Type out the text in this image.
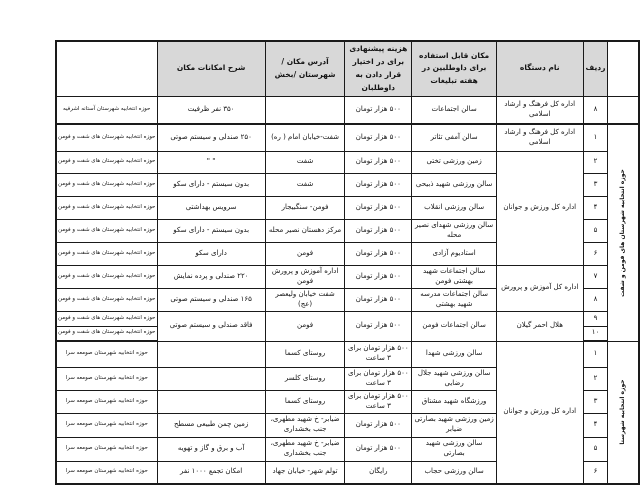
	ردیف	نام دستگاه	مکان قابل استفاده برای داوطلبین در هفته تبلیغات	هزینه پیشنهادی برای در اختیار قرار دادن به داوطلبان	آدرس مکان /شهرستان /بخش	شرح امکانات مکان	
	۸	اداره کل فرهنگ و ارشاد اسلامی	سالن اجتماعات	۵۰۰ هزار تومان		۳۵۰ نفر ظرفیت	حوزه انتخابیه شهرستان آستانه اشرفیه

حوزه انتخابیه شهرستان های فومن و شفت	۱	اداره کل فرهنگ و ارشاد اسلامی	سالن آمفی تئاتر	۵۰۰ هزار تومان	شفت-خیابان امام ( ره)	۲۵۰ صندلی و سیستم صوتی	حوزه انتخابیه شهرستان های شفت و فومن
	۲	اداره کل ورزش و جوانان	زمین ورزشی تختی	۵۰۰ هزار تومان	شفت	" "	حوزه انتخابیه شهرستان های شفت و فومن
	۳		سالن ورزشی شهید ذبیحی	۵۰۰ هزار تومان	شفت	بدون سیستم - دارای سکو	حوزه انتخابیه شهرستان های شفت و فومن
	۴		سالن ورزشی انقلاب	۵۰۰ هزار تومان	فومن- سنگبیجار	سرویس بهداشتی	حوزه انتخابیه شهرستان های شفت و فومن
	۵		سالن ورزشی شهدای نصیر محله	۵۰۰ هزار تومان	مرکز دهستان نصیر محله	بدون سیستم - دارای سکو	حوزه انتخابیه شهرستان های شفت و فومن
	۶		استادیوم آزادی	۵۰۰ هزار تومان	فومن	دارای سکو	حوزه انتخابیه شهرستان های شفت و فومن
	۷	اداره کل آموزش و پرورش	سالن اجتماعات شهید بهشتی فومن	۵۰۰ هزار تومان	اداره آموزش و پرورش فومن	۲۲۰ صندلی و پرده نمایش	حوزه انتخابیه شهرستان های شفت و فومن
	۸		سالن اجتماعات مدرسه شهید بهشتی	۵۰۰ هزار تومان	شفت خیابان ولیعصر (عج)	۱۶۵ صندلی و سیستم صوتی	حوزه انتخابیه شهرستان های شفت و فومن
	۹	هلال احمر گیلان	سالن اجتماعات فومن	۵۰۰ هزار تومان	فومن	فاقد صندلی و سیستم صوتی	حوزه انتخابیه شهرستان های شفت و فومن
	۱۰						حوزه انتخابیه شهرستان های شفت و فومن

حوزه انتخابیه شهرستا	۱	اداره کل ورزش و جوانان	سالن ورزشی شهدا	۵۰۰ هزار تومان برای ۳ ساعت	روستای کسما		حوزه انتخابیه شهرستان صومعه سرا
	۲		سالن ورزشی شهید جلال رضایی	۵۰۰ هزار تومان برای ۳ ساعت	روستای کلسر		حوزه انتخابیه شهرستان صومعه سرا
	۳		ورزشگاه شهید مشتاق	۵۰۰ هزار تومان برای ۳ ساعت	روستای کسما		حوزه انتخابیه شهرستان صومعه سرا
	۴		زمین ورزشی شهید بصارتی ضیابر	۵۰۰ هزار تومان	ضیابر- خ شهید مطهری، جنب بخشداری	زمین چمن طبیعی مسطح	حوزه انتخابیه شهرستان صومعه سرا
	۵		سالن ورزشی شهید بصارتی	۵۰۰ هزار تومان	ضیابر- خ شهید مطهری، جنب بخشداری	آب و برق و گاز و تهویه	حوزه انتخابیه شهرستان صومعه سرا
	۶		سالن ورزشی حجاب	رایگان	تولم شهر- خیابان جهاد	امکان تجمع ۱۰۰۰ نفر	حوزه انتخابیه شهرستان صومعه سرا
